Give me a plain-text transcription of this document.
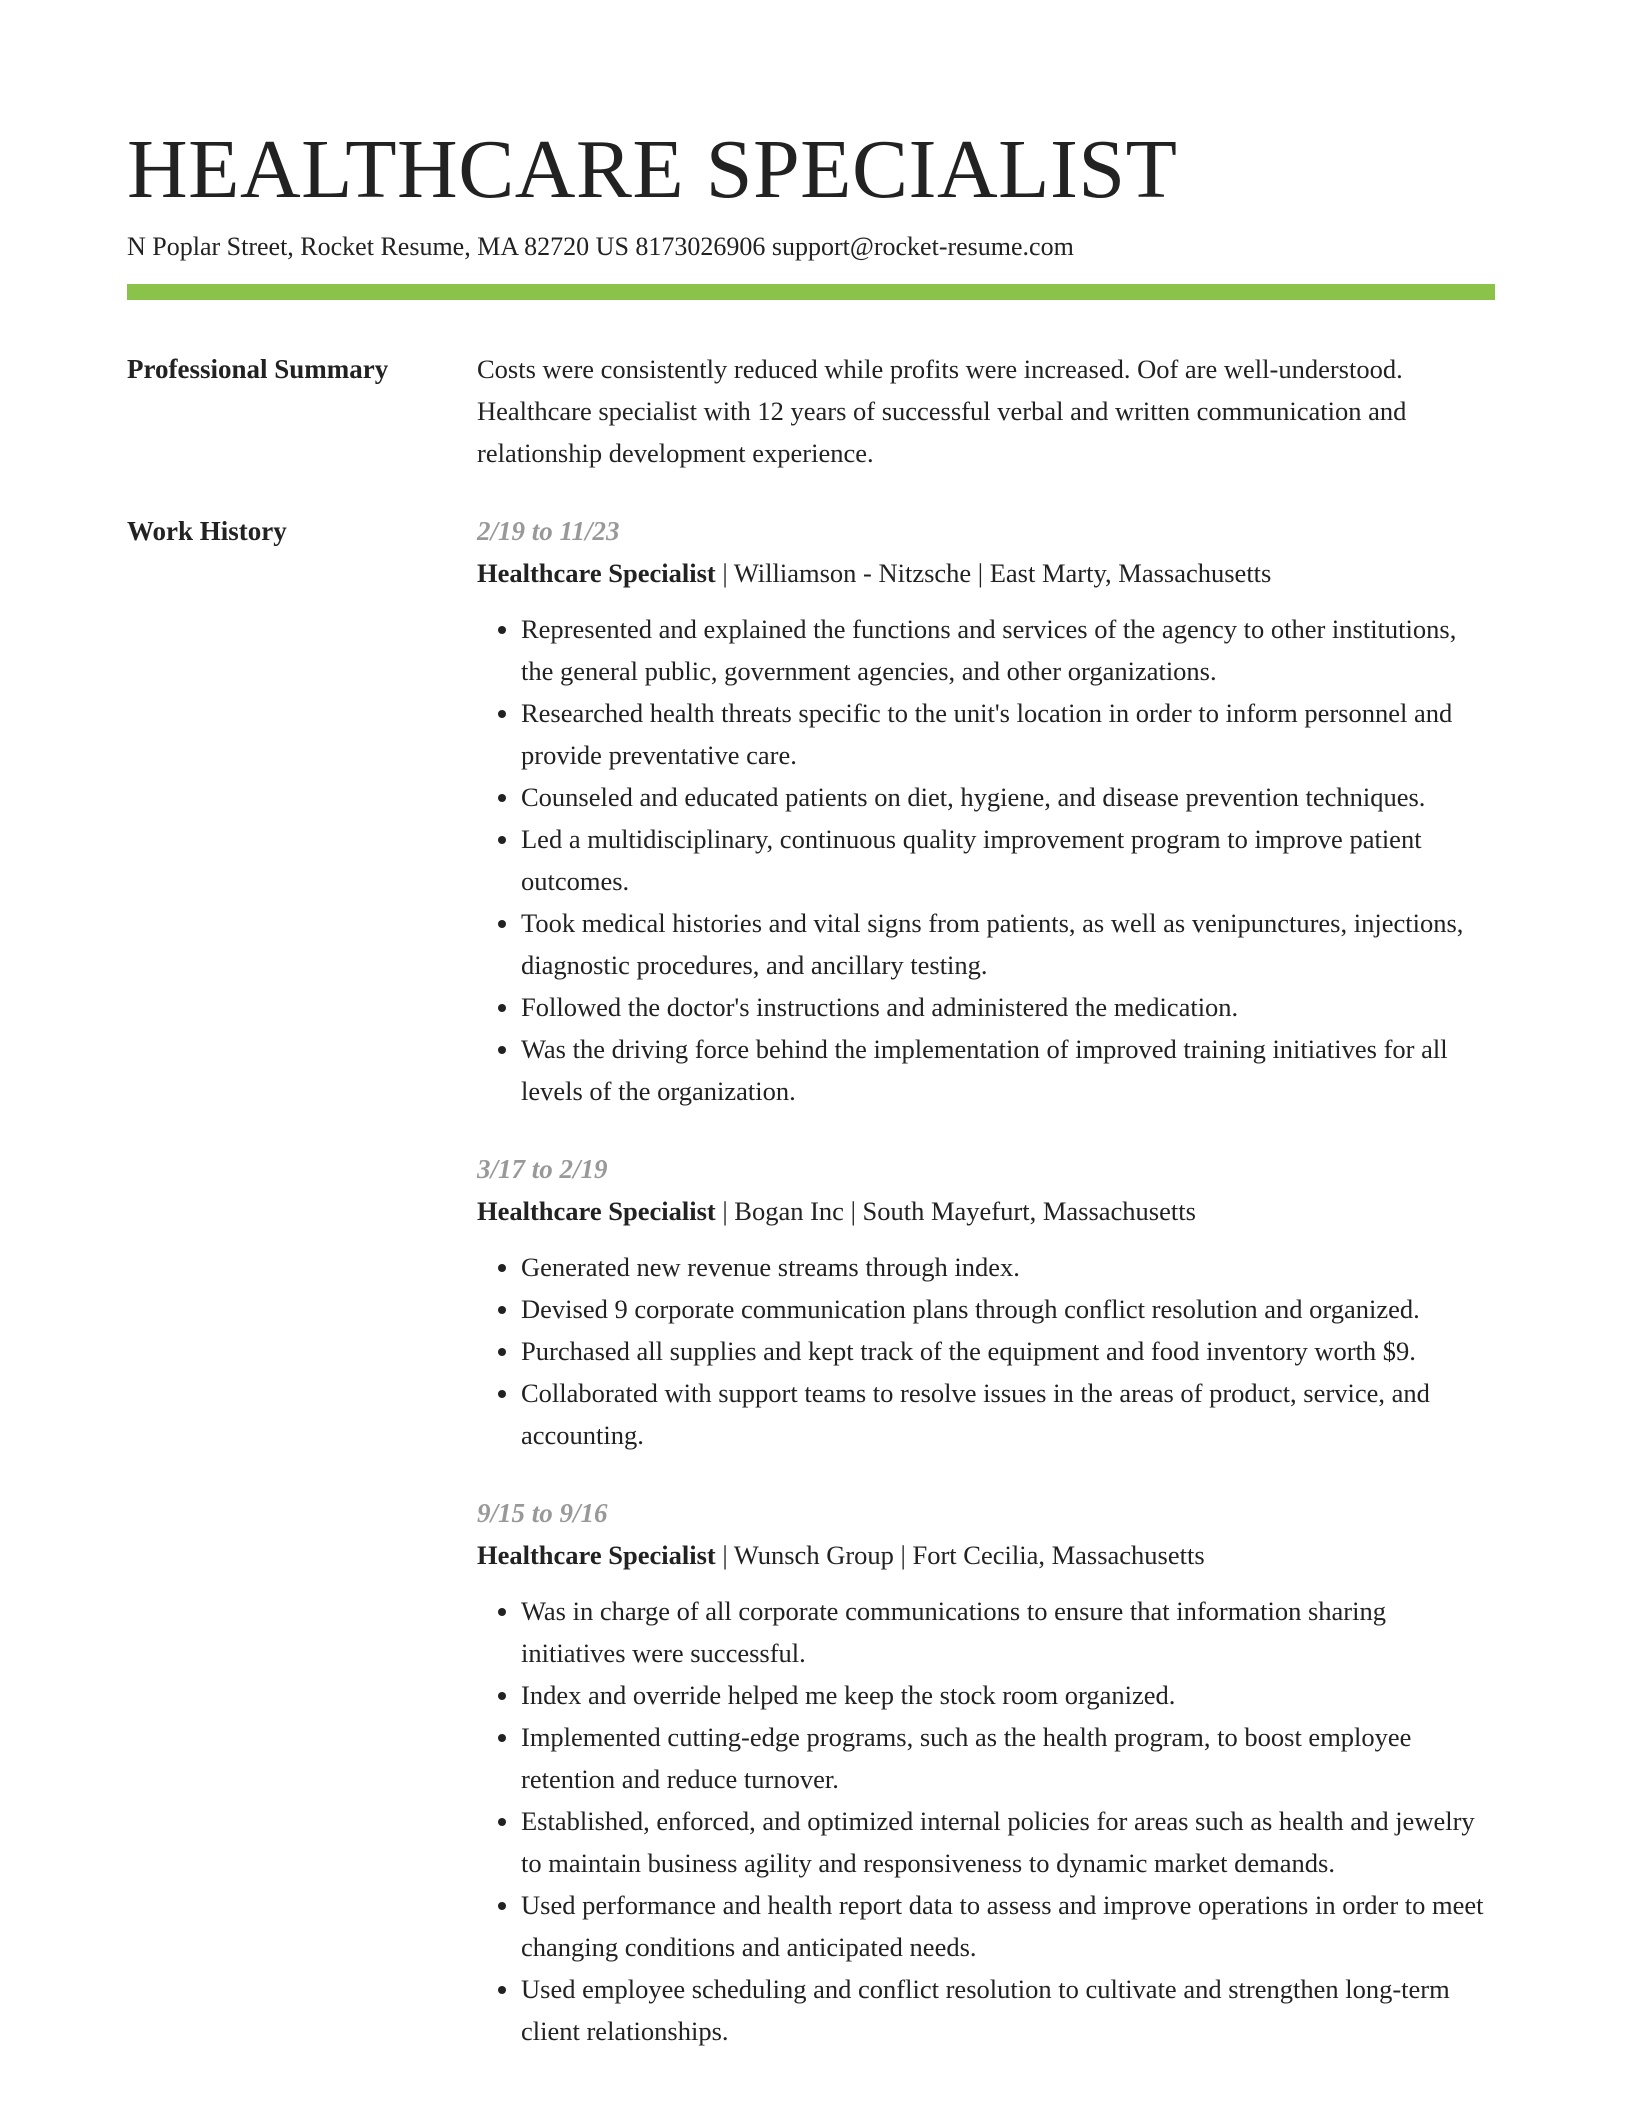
HEALTHCARE SPECIALIST
N Poplar Street, Rocket Resume, MA 82720 US 8173026906 support@rocket-resume.com
Professional Summary	Costs were consistently reduced while profits were increased. Oof are well-understood. Healthcare specialist with 12 years of successful verbal and written communication and relationship development experience.
Work History	2/19 to 11/23
Healthcare Specialist | Williamson - Nitzsche | East Marty, Massachusetts
• Represented and explained the functions and services of the agency to other institutions, the general public, government agencies, and other organizations.
• Researched health threats specific to the unit's location in order to inform personnel and provide preventative care.
• Counseled and educated patients on diet, hygiene, and disease prevention techniques.
• Led a multidisciplinary, continuous quality improvement program to improve patient outcomes.
• Took medical histories and vital signs from patients, as well as venipunctures, injections, diagnostic procedures, and ancillary testing.
• Followed the doctor's instructions and administered the medication.
• Was the driving force behind the implementation of improved training initiatives for all levels of the organization.
3/17 to 2/19
Healthcare Specialist | Bogan Inc | South Mayefurt, Massachusetts
• Generated new revenue streams through index.
• Devised 9 corporate communication plans through conflict resolution and organized.
• Purchased all supplies and kept track of the equipment and food inventory worth $9.
• Collaborated with support teams to resolve issues in the areas of product, service, and accounting.
9/15 to 9/16
Healthcare Specialist | Wunsch Group | Fort Cecilia, Massachusetts
• Was in charge of all corporate communications to ensure that information sharing initiatives were successful.
• Index and override helped me keep the stock room organized.
• Implemented cutting-edge programs, such as the health program, to boost employee retention and reduce turnover.
• Established, enforced, and optimized internal policies for areas such as health and jewelry to maintain business agility and responsiveness to dynamic market demands.
• Used performance and health report data to assess and improve operations in order to meet changing conditions and anticipated needs.
• Used employee scheduling and conflict resolution to cultivate and strengthen long-term client relationships.
